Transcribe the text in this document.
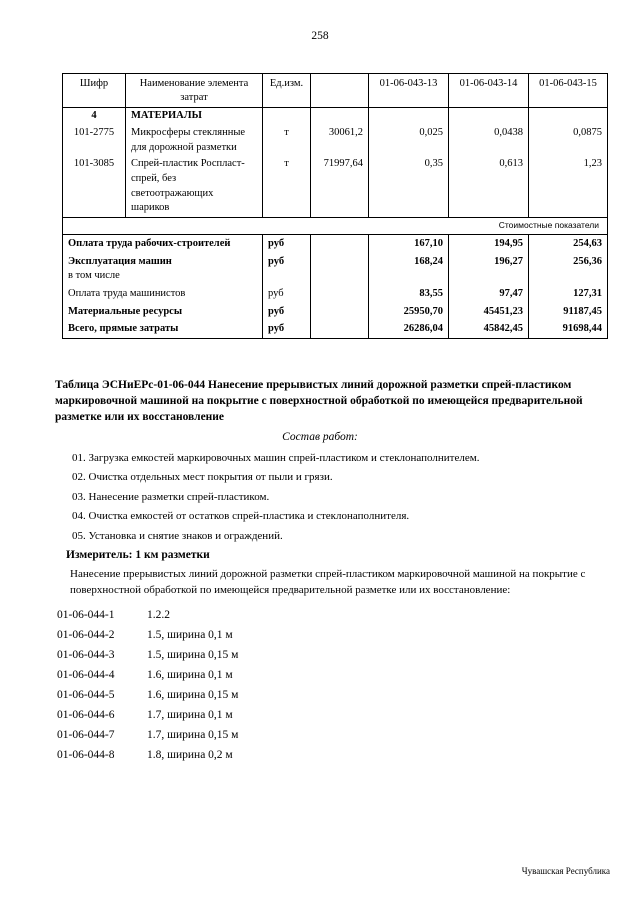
258
Шифр	Наименование элемента затрат	Ед.изм.		01-06-043-13	01-06-043-14	01-06-043-15
4	МАТЕРИАЛЫ					

101-2775	Микросферы стеклянные для дорожной разметки	т	30061,2	0,025	0,0438	0,0875
101-3085	Спрей-пластик Роспласт-спрей, без светоотражающих шариков	т	71997,64	0,35	0,613	1,23
Стоимостные показатели						

Оплата труда рабочих-строителей		руб		167,10	194,95	254,63

Эксплуатация машин
в том числе		руб		168,24	196,27	256,36

Оплата труда машинистов		руб		83,55	97,47	127,31

Материальные ресурсы		руб		25950,70	45451,23	91187,45

Всего, прямые затраты		руб		26286,04	45842,45	91698,44
Таблица ЭСНиЕРс-01-06-044 Нанесение прерывистых линий дорожной разметки спрей-пластиком маркировочной машиной на покрытие с поверхностной обработкой по имеющейся предварительной разметке или их восстановление
Состав работ:
01. Загрузка емкостей маркировочных машин спрей-пластиком и стеклонаполнителем.
02. Очистка отдельных мест покрытия от пыли и грязи.
03. Нанесение разметки спрей-пластиком.
04. Очистка емкостей от остатков спрей-пластика и стеклонаполнителя.
05. Установка и снятие знаков и ограждений.
Измеритель: 1 км разметки
Нанесение прерывистых линий дорожной разметки спрей-пластиком маркировочной машиной на покрытие с поверхностной обработкой по имеющейся предварительной разметке или их восстановление:
01-06-044-1	1.2.2
01-06-044-2	1.5, ширина 0,1 м
01-06-044-3	1.5, ширина 0,15 м
01-06-044-4	1.6, ширина 0,1 м
01-06-044-5	1.6, ширина 0,15 м
01-06-044-6	1.7, ширина 0,1 м
01-06-044-7	1.7, ширина 0,15 м
01-06-044-8	1.8, ширина 0,2 м
Чувашская Республика
